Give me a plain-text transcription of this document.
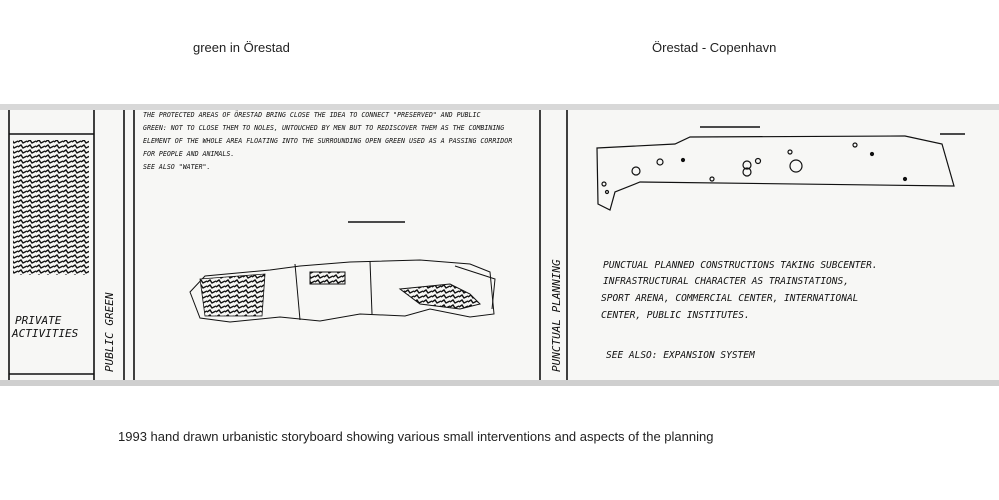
green in Örestad	Örestad - Copenhavn
PRIVATE
ACTIVITIES PUBLIC GREEN
THE PROTECTED AREAS OF ÖRESTAD BRING CLOSE THE IDEA TO CONNECT "PRESERVED" AND PUBLIC
GREEN: NOT TO CLOSE THEM TO NOLES, UNTOUCHED BY MEN BUT TO REDISCOVER THEM AS THE COMBINING
ELEMENT OF THE WHOLE AREA FLOATING INTO THE SURROUNDING OPEN GREEN USED AS A PASSING CORRIDOR
FOR PEOPLE AND ANIMALS.
SEE ALSO "WATER".
PUNCTUAL PLANNING	PUNCTUAL PLANNED CONSTRUCTIONS TAKING SUBCENTER.
INFRASTRUCTURAL CHARACTER AS TRAINSTATIONS,
SPORT ARENA, COMMERCIAL CENTER, INTERNATIONAL
CENTER, PUBLIC INSTITUTES.
SEE ALSO: EXPANSION SYSTEM
1993 hand drawn urbanistic storyboard showing various small interventions and aspects of the planning
